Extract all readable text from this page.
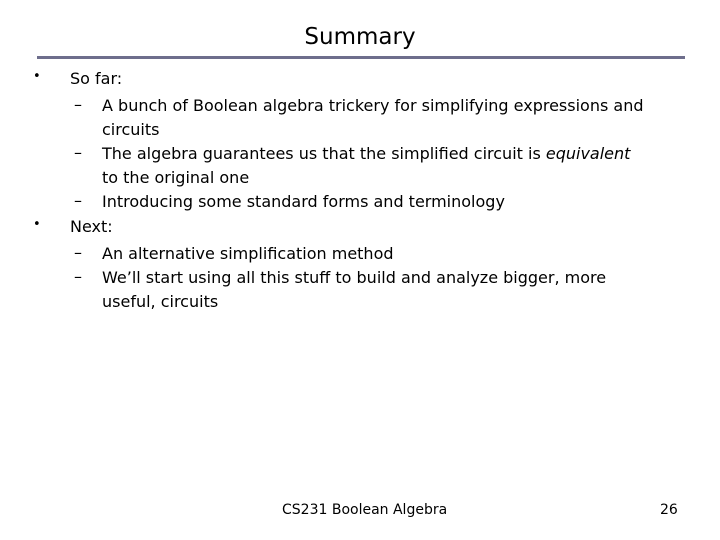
Summary
• So far:
– A bunch of Boolean algebra trickery for simplifying expressions and
circuits
– The algebra guarantees us that the simplified circuit is equivalent
to the original one
– Introducing some standard forms and terminology
• Next:
– An alternative simplification method
– We’ll start using all this stuff to build and analyze bigger, more
useful, circuits
CS231 Boolean Algebra	26
